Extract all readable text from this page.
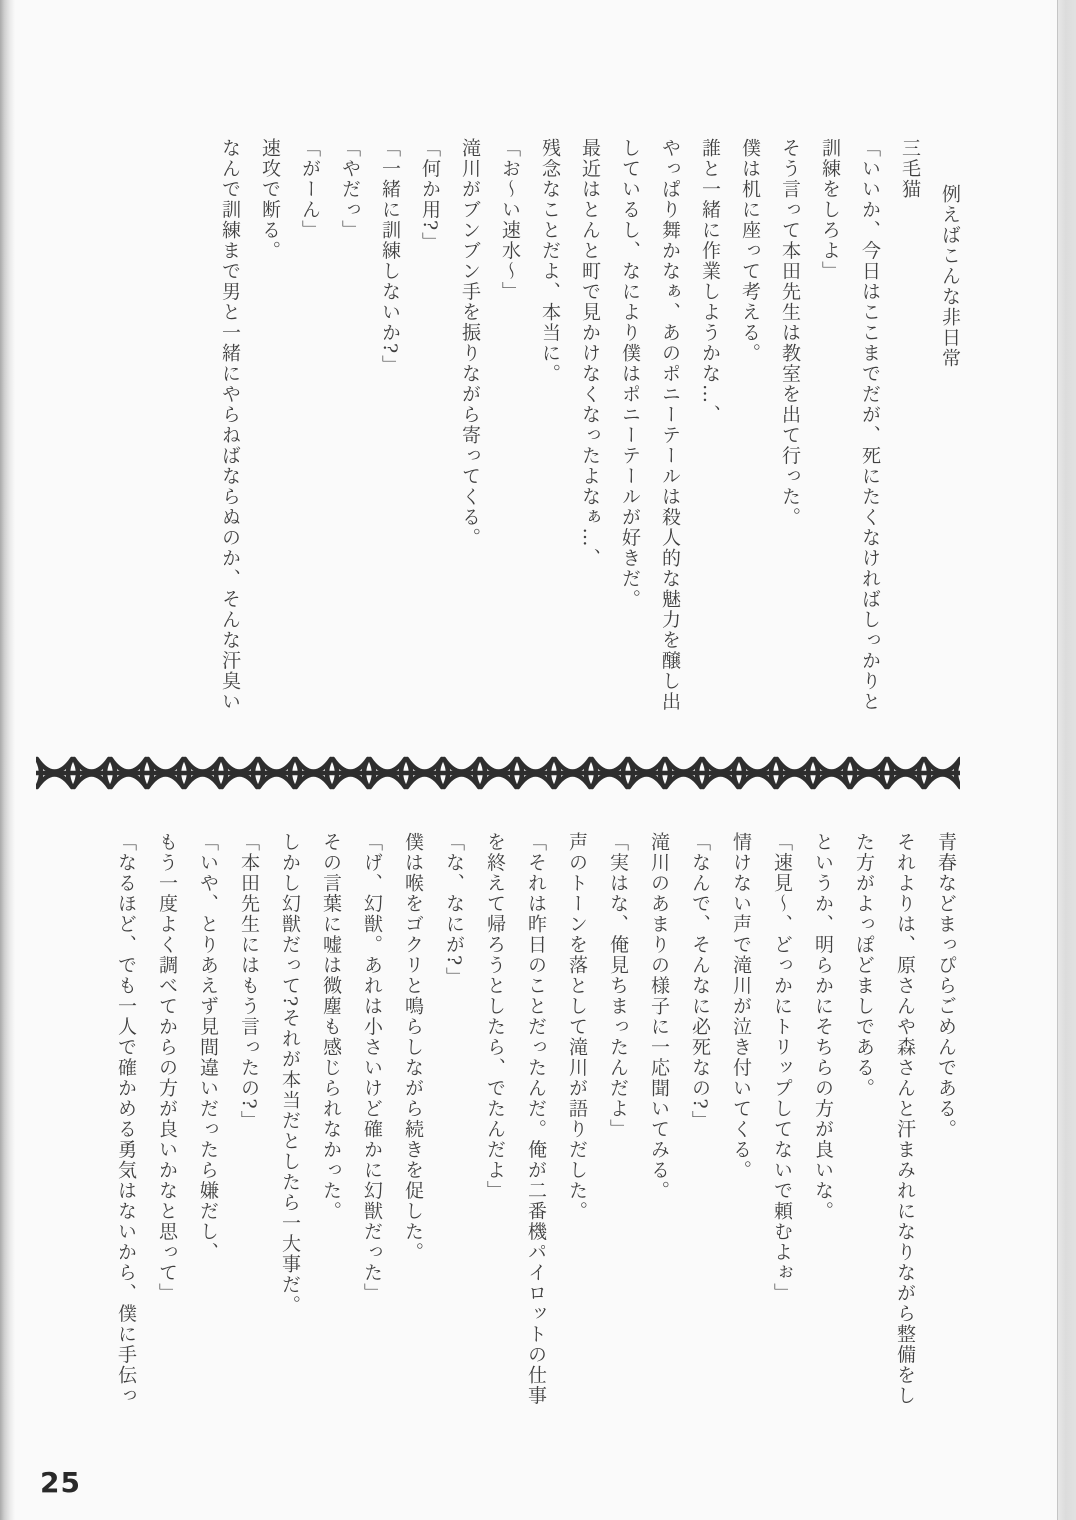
例えばこんな非日常

三毛猫

「いいか、今日はここまでだが、死にたくなければしっかりと

訓練をしろよ」

そう言って本田先生は教室を出て行った。

僕は机に座って考える。

誰と一緒に作業しようかな…、

やっぱり舞かなぁ、あのポニーテールは殺人的な魅力を醸し出

しているし、なにより僕はポニーテールが好きだ。

最近はとんと町で見かけなくなったよなぁ…、

残念なことだよ、本当に。

「お〜い速水〜」

滝川がブンブン手を振りながら寄ってくる。

「何か用?」

「一緒に訓練しないか?」

「やだっ」

「がーん」

速攻で断る。

なんで訓練まで男と一緒にやらねばならぬのか、そんな汗臭い

青春などまっぴらごめんである。

それよりは、原さんや森さんと汗まみれになりながら整備をし

た方がよっぽどましである。

というか、明らかにそちらの方が良いな。

「速見〜、どっかにトリップしてないで頼むよぉ」

情けない声で滝川が泣き付いてくる。

「なんで、そんなに必死なの?」

滝川のあまりの様子に一応聞いてみる。

「実はな、俺見ちまったんだよ」

声のトーンを落として滝川が語りだした。

「それは昨日のことだったんだ。俺が二番機パイロットの仕事

を終えて帰ろうとしたら、でたんだよ」

「な、なにが?」

僕は喉をゴクリと鳴らしながら続きを促した。

「げ、幻獣。あれは小さいけど確かに幻獣だった」

その言葉に嘘は微塵も感じられなかった。

しかし幻獣だって?それが本当だとしたら一大事だ。

「本田先生にはもう言ったの?」

「いや、とりあえず見間違いだったら嫌だし、

もう一度よく調べてからの方が良いかなと思って」

「なるほど、でも一人で確かめる勇気はないから、僕に手伝っ

25
